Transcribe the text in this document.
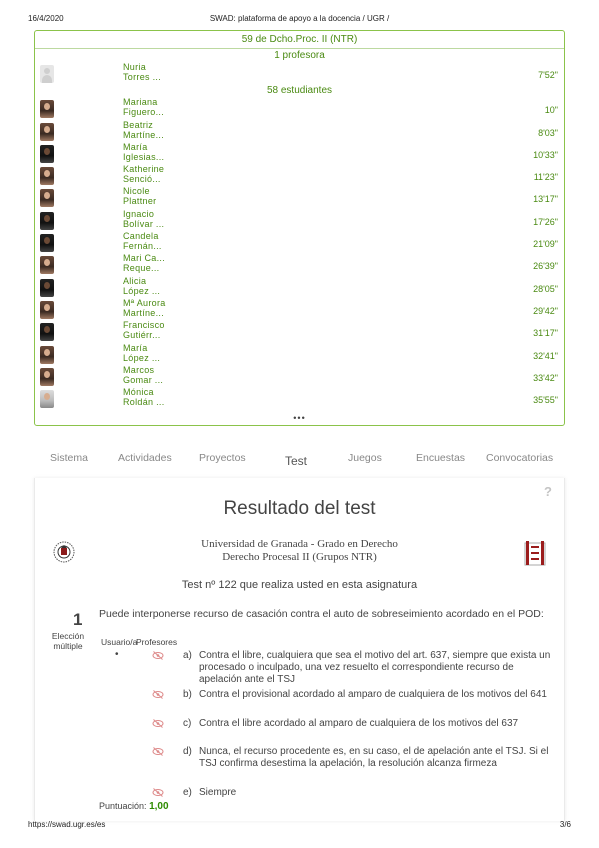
16/4/2020	SWAD: plataforma de apoyo a la docencia / UGR /
59 de Dcho.Proc. II (NTR)
1 profesora
Nuria
Torres ...	7'52"
58 estudiantes
Mariana
Figuero...	10"
Beatriz
Martíne...	8'03"
María
Iglesias...	10'33"
Katherine
Senció...	11'23"
Nicole
Plattner	13'17"
Ignacio
Bolívar ...	17'26"
Candela
Fernán...	21'09"
Mari Ca...
Reque...	26'39"
Alicia
López ...	28'05"
Mª Aurora
Martíne...	29'42"
Francisco
Gutiérr...	31'17"
María
López ...	32'41"
Marcos
Gomar ...	33'42"
Mónica
Roldán ...	35'55"
•••
Sistema	Actividades	Proyectos	Test	Juegos	Encuestas Convocatorias
?
Resultado del test
Universidad de Granada - Grado en Derecho
Derecho Procesal II (Grupos NTR)
Test nº 122 que realiza usted en esta asignatura
1
Elección
múltiple
Puede interponerse recurso de casación contra el auto de sobreseimiento acordado en el POD:
Usuario/a
Profesores
•	a) Contra el libre, cualquiera que sea el motivo del art. 637, siempre que exista un procesado o inculpado, una vez resuelto el correspondiente recurso de apelación ante el TSJ
b) Contra el provisional acordado al amparo de cualquiera de los motivos del 641
c) Contra el libre acordado al amparo de cualquiera de los motivos del 637
d) Nunca, el recurso procedente es, en su caso, el de apelación ante el TSJ. Si el TSJ confirma desestima la apelación, la resolución alcanza firmeza
e) Siempre
Puntuación: 1,00
https://swad.ugr.es/es	3/6
